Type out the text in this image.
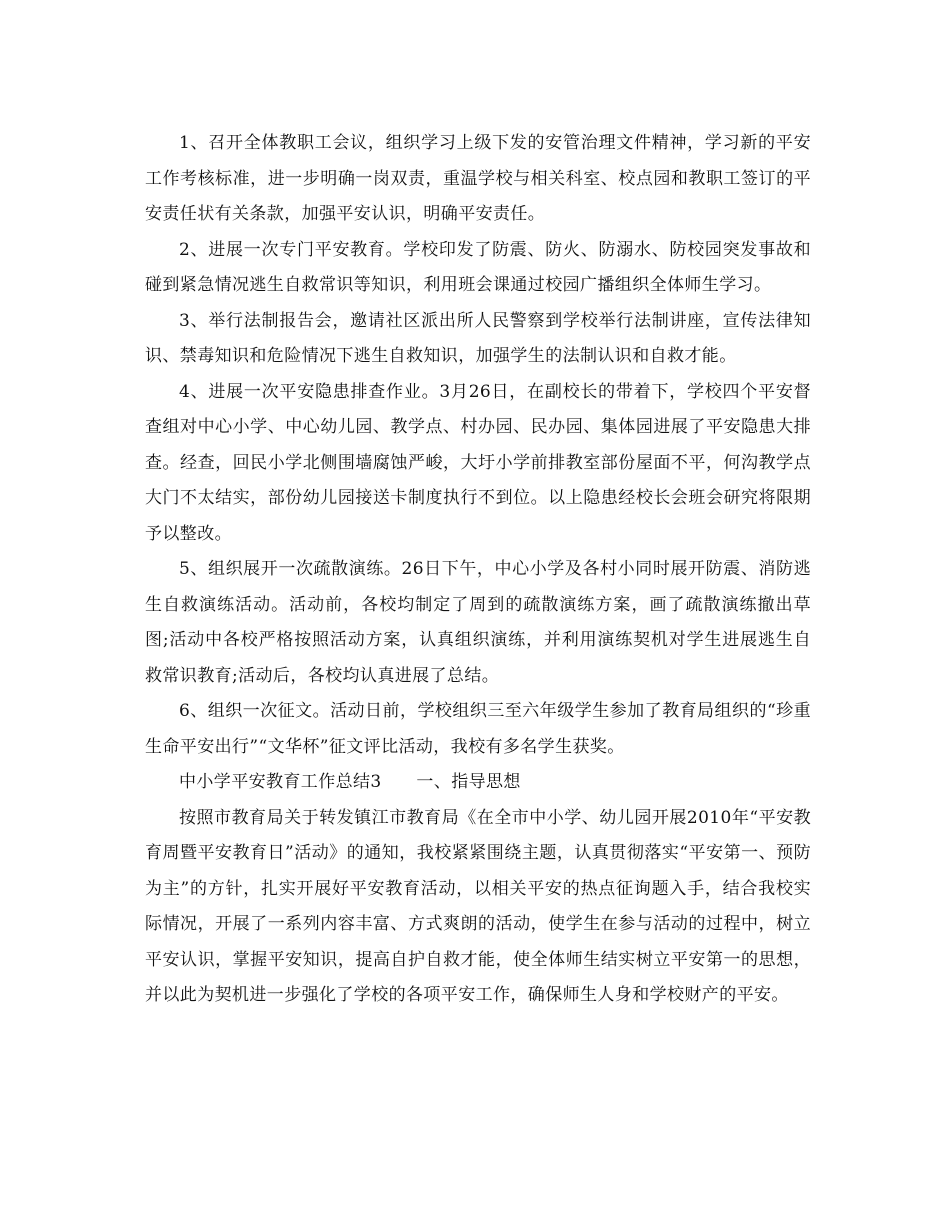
1、召开全体教职工会议，组织学习上级下发的安管治理文件精神，学习新的平安工作考核标准，进一步明确一岗双责，重温学校与相关科室、校点园和教职工签订的平安责任状有关条款，加强平安认识，明确平安责任。

2、进展一次专门平安教育。学校印发了防震、防火、防溺水、防校园突发事故和碰到紧急情况逃生自救常识等知识，利用班会课通过校园广播组织全体师生学习。

3、举行法制报告会，邀请社区派出所人民警察到学校举行法制讲座，宣传法律知识、禁毒知识和危险情况下逃生自救知识，加强学生的法制认识和自救才能。

4、进展一次平安隐患排查作业。3月26日，在副校长的带着下，学校四个平安督查组对中心小学、中心幼儿园、教学点、村办园、民办园、集体园进展了平安隐患大排查。经查，回民小学北侧围墙腐蚀严峻，大圩小学前排教室部份屋面不平，何沟教学点大门不太结实，部份幼儿园接送卡制度执行不到位。以上隐患经校长会班会研究将限期予以整改。

5、组织展开一次疏散演练。26日下午，中心小学及各村小同时展开防震、消防逃生自救演练活动。活动前，各校均制定了周到的疏散演练方案，画了疏散演练撤出草图;活动中各校严格按照活动方案，认真组织演练，并利用演练契机对学生进展逃生自救常识教育;活动后，各校均认真进展了总结。

6、组织一次征文。活动日前，学校组织三至六年级学生参加了教育局组织的“珍重生命平安出行”“文华杯”征文评比活动，我校有多名学生获奖。

中小学平安教育工作总结3　　一、指导思想

按照市教育局关于转发镇江市教育局《在全市中小学、幼儿园开展2010年“平安教育周暨平安教育日”活动》的通知，我校紧紧围绕主题，认真贯彻落实“平安第一、预防为主”的方针，扎实开展好平安教育活动，以相关平安的热点征询题入手，结合我校实际情况，开展了一系列内容丰富、方式爽朗的活动，使学生在参与活动的过程中，树立平安认识，掌握平安知识，提高自护自救才能，使全体师生结实树立平安第一的思想，并以此为契机进一步强化了学校的各项平安工作，确保师生人身和学校财产的平安。
